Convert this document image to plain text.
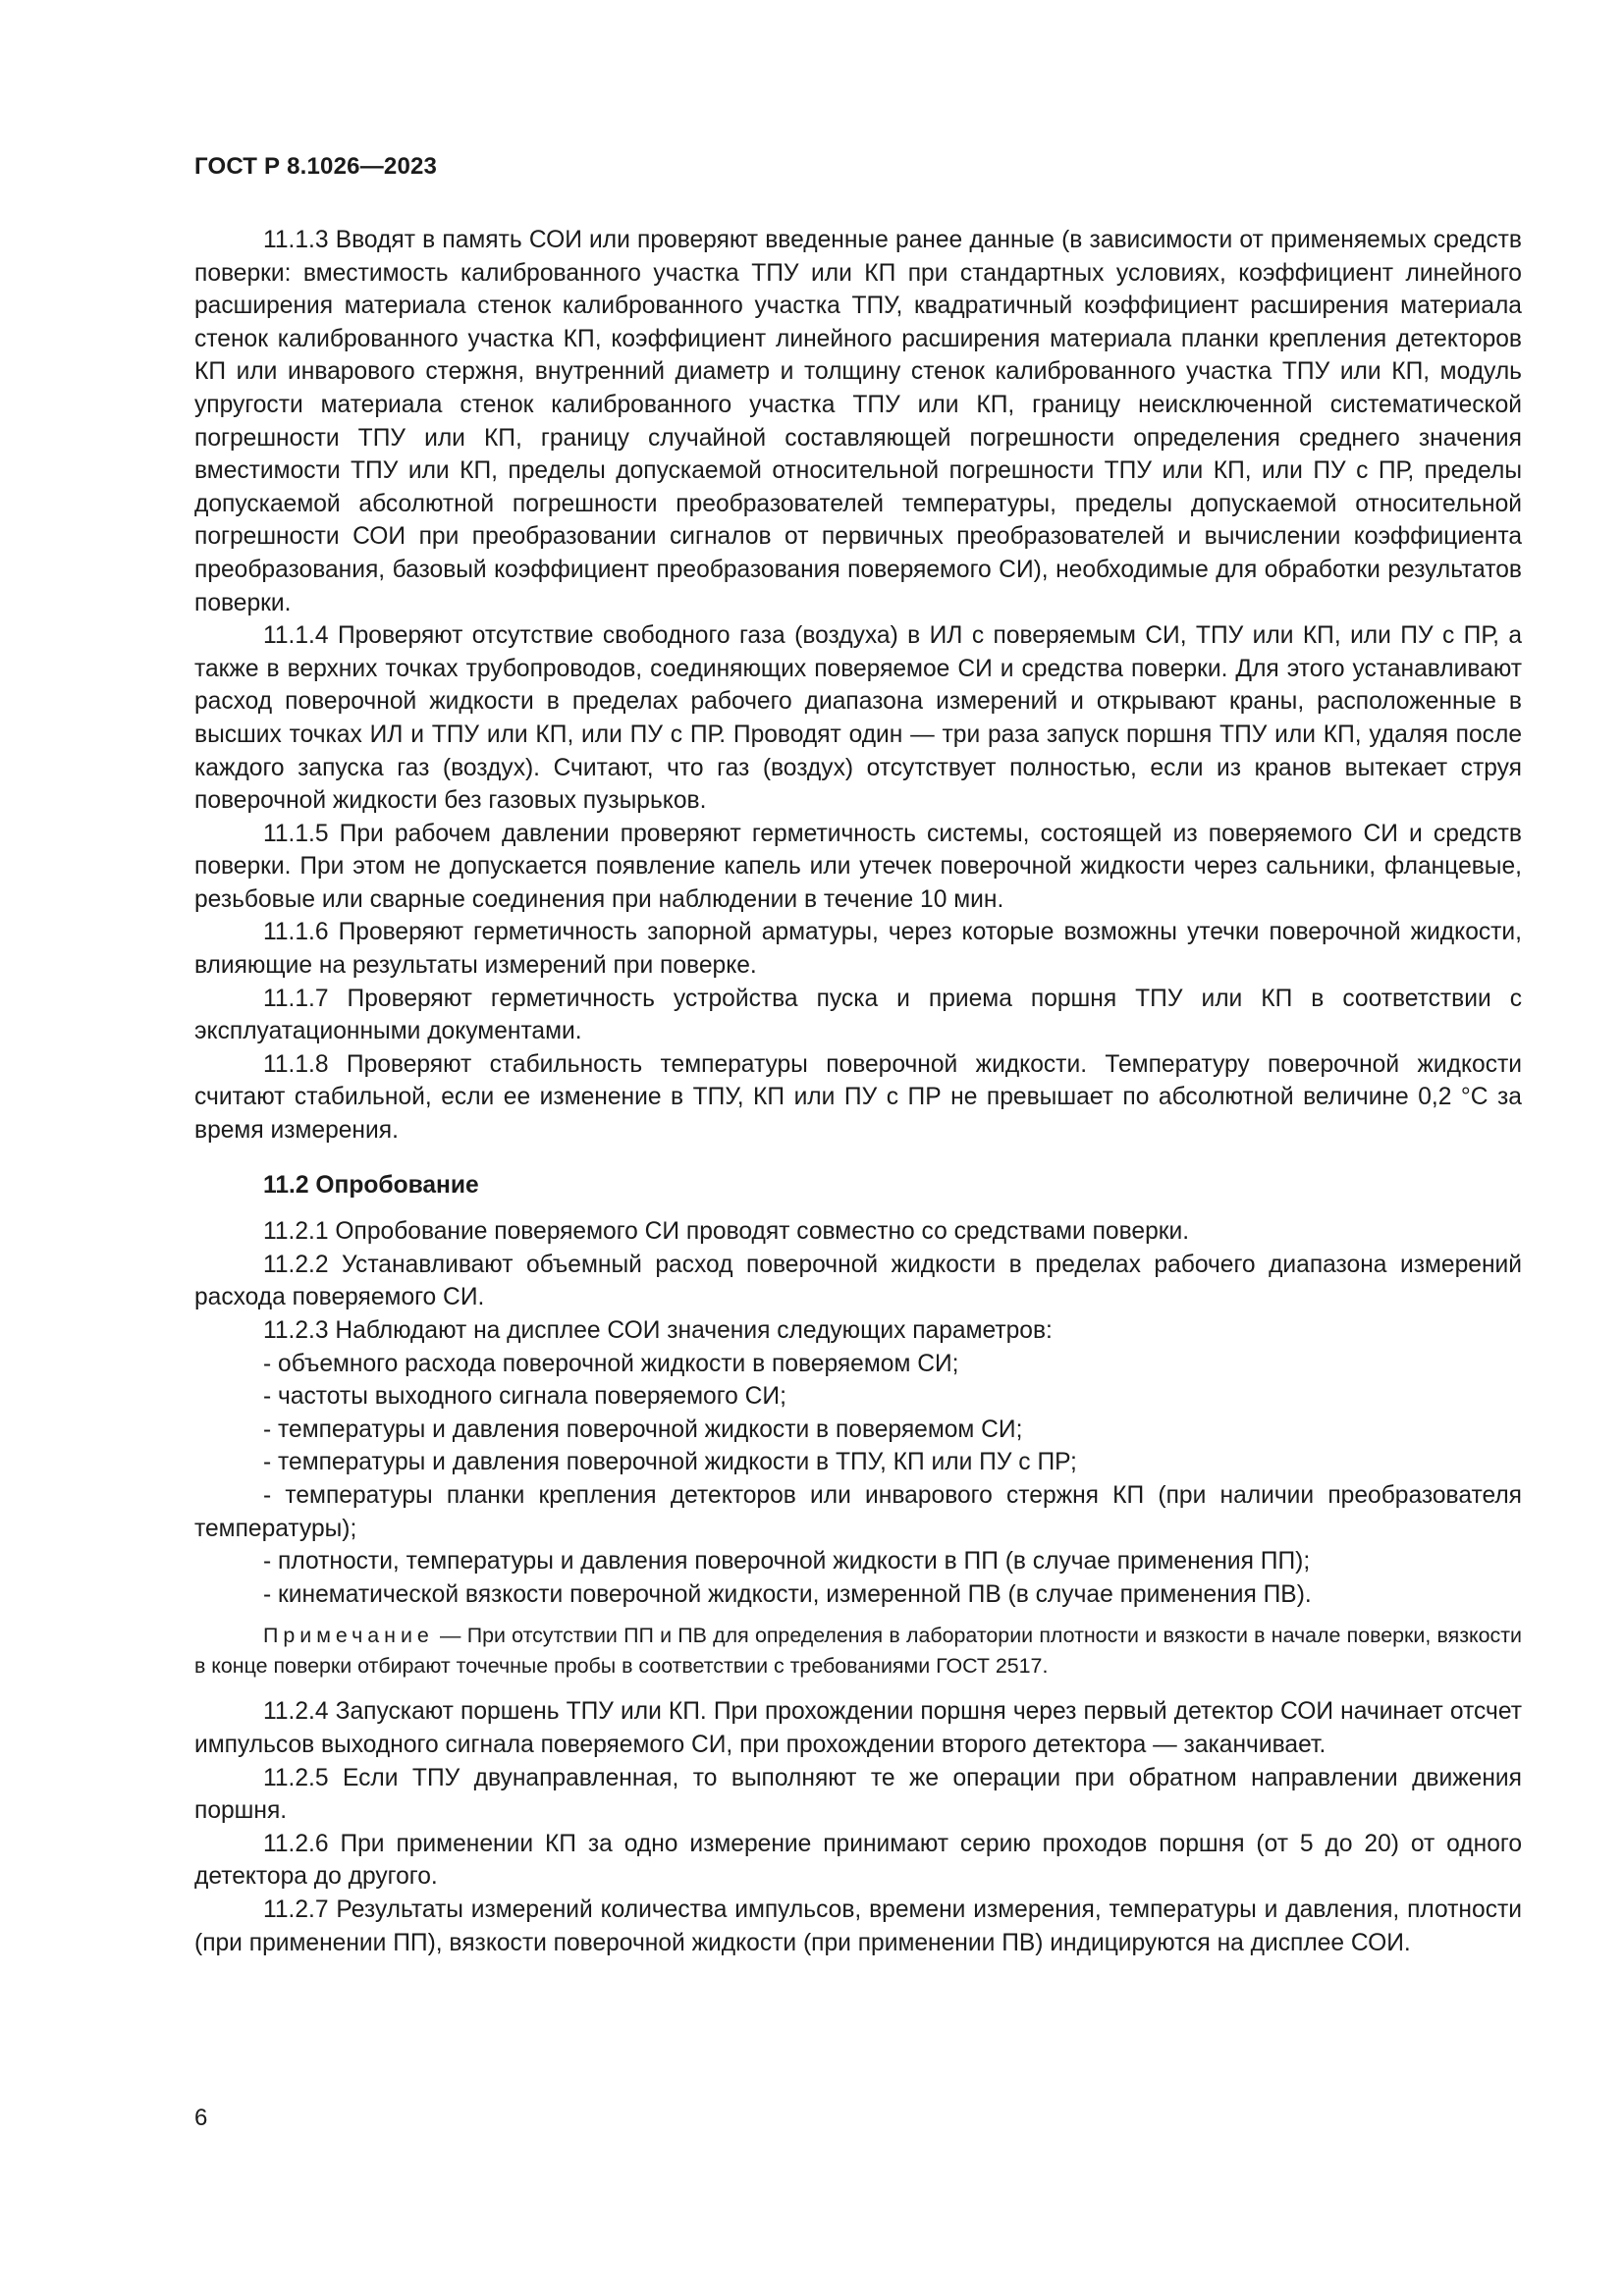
ГОСТ Р 8.1026—2023

11.1.3 Вводят в память СОИ или проверяют введенные ранее данные (в зависимости от применяемых средств поверки: вместимость калиброванного участка ТПУ или КП при стандартных условиях, коэффициент линейного расширения материала стенок калиброванного участка ТПУ, квадратичный коэффициент расширения материала стенок калиброванного участка КП, коэффициент линейного расширения материала планки крепления детекторов КП или инварового стержня, внутренний диаметр и толщину стенок калиброванного участка ТПУ или КП, модуль упругости материала стенок калиброванного участка ТПУ или КП, границу неисключенной систематической погрешности ТПУ или КП, границу случайной составляющей погрешности определения среднего значения вместимости ТПУ или КП, пределы допускаемой относительной погрешности ТПУ или КП, или ПУ с ПР, пределы допускаемой абсолютной погрешности преобразователей температуры, пределы допускаемой относительной погрешности СОИ при преобразовании сигналов от первичных преобразователей и вычислении коэффициента преобразования, базовый коэффициент преобразования поверяемого СИ), необходимые для обработки результатов поверки.

11.1.4 Проверяют отсутствие свободного газа (воздуха) в ИЛ с поверяемым СИ, ТПУ или КП, или ПУ с ПР, а также в верхних точках трубопроводов, соединяющих поверяемое СИ и средства поверки. Для этого устанавливают расход поверочной жидкости в пределах рабочего диапазона измерений и открывают краны, расположенные в высших точках ИЛ и ТПУ или КП, или ПУ с ПР. Проводят один — три раза запуск поршня ТПУ или КП, удаляя после каждого запуска газ (воздух). Считают, что газ (воздух) отсутствует полностью, если из кранов вытекает струя поверочной жидкости без газовых пузырьков.

11.1.5 При рабочем давлении проверяют герметичность системы, состоящей из поверяемого СИ и средств поверки. При этом не допускается появление капель или утечек поверочной жидкости через сальники, фланцевые, резьбовые или сварные соединения при наблюдении в течение 10 мин.

11.1.6 Проверяют герметичность запорной арматуры, через которые возможны утечки поверочной жидкости, влияющие на результаты измерений при поверке.

11.1.7 Проверяют герметичность устройства пуска и приема поршня ТПУ или КП в соответствии с эксплуатационными документами.

11.1.8 Проверяют стабильность температуры поверочной жидкости. Температуру поверочной жидкости считают стабильной, если ее изменение в ТПУ, КП или ПУ с ПР не превышает по абсолютной величине 0,2 °С за время измерения.

11.2 Опробование

11.2.1 Опробование поверяемого СИ проводят совместно со средствами поверки.

11.2.2 Устанавливают объемный расход поверочной жидкости в пределах рабочего диапазона измерений расхода поверяемого СИ.

11.2.3 Наблюдают на дисплее СОИ значения следующих параметров:

- объемного расхода поверочной жидкости в поверяемом СИ;

- частоты выходного сигнала поверяемого СИ;

- температуры и давления поверочной жидкости в поверяемом СИ;

- температуры и давления поверочной жидкости в ТПУ, КП или ПУ с ПР;

- температуры планки крепления детекторов или инварового стержня КП (при наличии преобразователя температуры);

- плотности, температуры и давления поверочной жидкости в ПП (в случае применения ПП);

- кинематической вязкости поверочной жидкости, измеренной ПВ (в случае применения ПВ).

Примечание — При отсутствии ПП и ПВ для определения в лаборатории плотности и вязкости в начале поверки, вязкости в конце поверки отбирают точечные пробы в соответствии с требованиями ГОСТ 2517.

11.2.4 Запускают поршень ТПУ или КП. При прохождении поршня через первый детектор СОИ начинает отсчет импульсов выходного сигнала поверяемого СИ, при прохождении второго детектора — заканчивает.

11.2.5 Если ТПУ двунаправленная, то выполняют те же операции при обратном направлении движения поршня.

11.2.6 При применении КП за одно измерение принимают серию проходов поршня (от 5 до 20) от одного детектора до другого.

11.2.7 Результаты измерений количества импульсов, времени измерения, температуры и давления, плотности (при применении ПП), вязкости поверочной жидкости (при применении ПВ) индицируются на дисплее СОИ.

6
